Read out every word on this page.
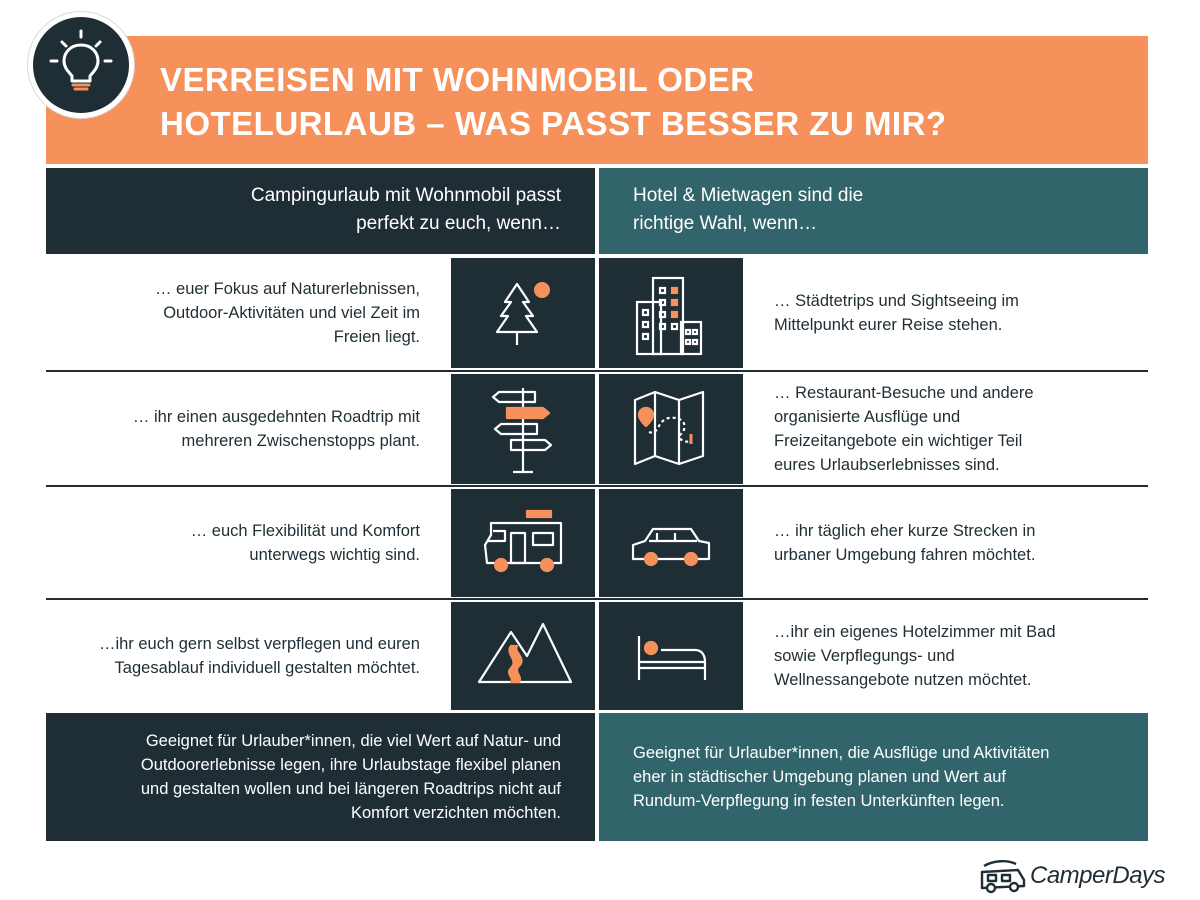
VERREISEN MIT WOHNMOBIL ODER
HOTELURLAUB – WAS PASST BESSER ZU MIR?
Campingurlaub mit Wohnmobil passt
perfekt zu euch, wenn…
Hotel & Mietwagen sind die
richtige Wahl, wenn…
… euer Fokus auf Naturerlebnissen,
Outdoor-Aktivitäten und viel Zeit im
Freien liegt.
… Städtetrips und Sightseeing im
Mittelpunkt eurer Reise stehen.
… ihr einen ausgedehnten Roadtrip mit
mehreren Zwischenstopps plant.
… Restaurant-Besuche und andere
organisierte Ausflüge und
Freizeitangebote ein wichtiger Teil
eures Urlaubserlebnisses sind.
… euch Flexibilität und Komfort
unterwegs wichtig sind.
… ihr täglich eher kurze Strecken in
urbaner Umgebung fahren möchtet.
…ihr euch gern selbst verpflegen und euren
Tagesablauf individuell gestalten möchtet.
…ihr ein eigenes Hotelzimmer mit Bad
sowie Verpflegungs- und
Wellnessangebote nutzen möchtet.
Geeignet für Urlauber*innen, die viel Wert auf Natur- und
Outdoorerlebnisse legen, ihre Urlaubstage flexibel planen
und gestalten wollen und bei längeren Roadtrips nicht auf
Komfort verzichten möchten.
Geeignet für Urlauber*innen, die Ausflüge und Aktivitäten
eher in städtischer Umgebung planen und Wert auf
Rundum-Verpflegung in festen Unterkünften legen.
CamperDays
